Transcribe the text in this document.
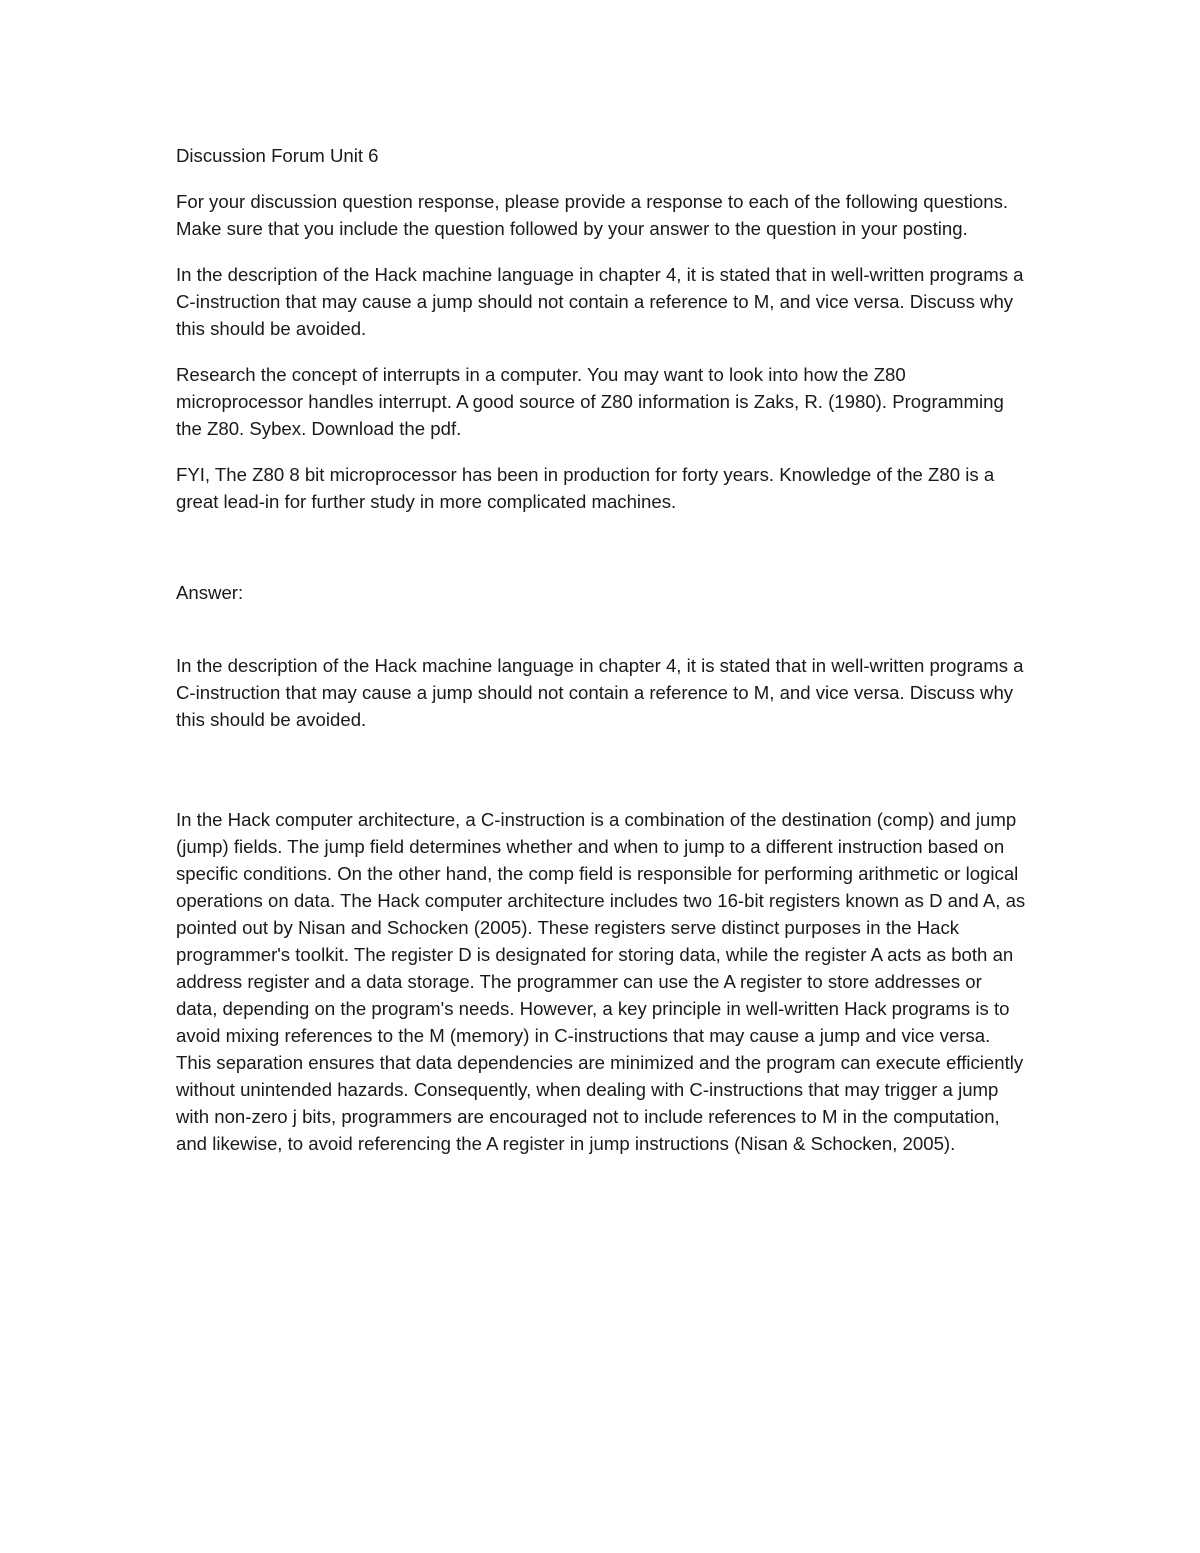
Discussion Forum Unit 6

For your discussion question response, please provide a response to each of the following questions. Make sure that you include the question followed by your answer to the question in your posting.

In the description of the Hack machine language in chapter 4, it is stated that in well-written programs a C-instruction that may cause a jump should not contain a reference to M, and vice versa. Discuss why this should be avoided.

Research the concept of interrupts in a computer. You may want to look into how the Z80 microprocessor handles interrupt. A good source of Z80 information is Zaks, R. (1980). Programming the Z80. Sybex. Download the pdf.

FYI, The Z80 8 bit microprocessor has been in production for forty years. Knowledge of the Z80 is a great lead-in for further study in more complicated machines.

Answer:

In the description of the Hack machine language in chapter 4, it is stated that in well-written programs a C-instruction that may cause a jump should not contain a reference to M, and vice versa. Discuss why this should be avoided.

In the Hack computer architecture, a C-instruction is a combination of the destination (comp) and jump (jump) fields. The jump field determines whether and when to jump to a different instruction based on specific conditions. On the other hand, the comp field is responsible for performing arithmetic or logical operations on data. The Hack computer architecture includes two 16-bit registers known as D and A, as pointed out by Nisan and Schocken (2005). These registers serve distinct purposes in the Hack programmer's toolkit. The register D is designated for storing data, while the register A acts as both an address register and a data storage. The programmer can use the A register to store addresses or data, depending on the program's needs. However, a key principle in well-written Hack programs is to avoid mixing references to the M (memory) in C-instructions that may cause a jump and vice versa. This separation ensures that data dependencies are minimized and the program can execute efficiently without unintended hazards. Consequently, when dealing with C-instructions that may trigger a jump with non-zero j bits, programmers are encouraged not to include references to M in the computation, and likewise, to avoid referencing the A register in jump instructions (Nisan & Schocken, 2005).
